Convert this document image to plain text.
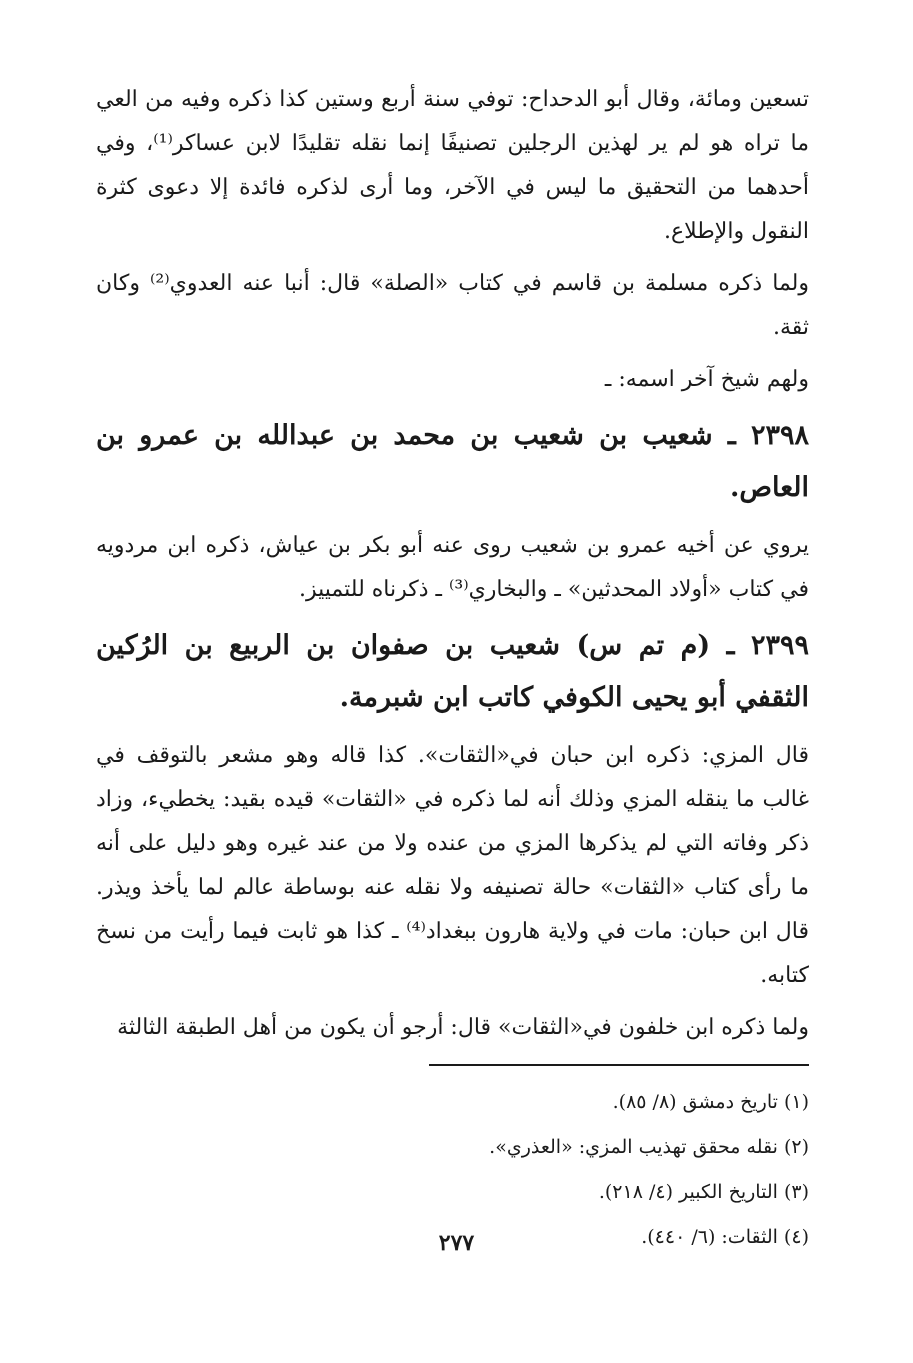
تسعين ومائة، وقال أبو الدحداح: توفي سنة أربع وستين كذا ذكره وفيه من العي ما تراه هو لم ير لهذين الرجلين تصنيفًا إنما نقله تقليدًا لابن عساكر⁽¹⁾، وفي أحدهما من التحقيق ما ليس في الآخر، وما أرى لذكره فائدة إلا دعوى كثرة النقول والإطلاع.

ولما ذكره مسلمة بن قاسم في كتاب «الصلة» قال: أنبا عنه العدوي⁽²⁾ وكان ثقة.

ولهم شيخ آخر اسمه: ـ

٢٣٩٨ ـ شعيب بن شعيب بن محمد بن عبدالله بن عمرو بن العاص.

يروي عن أخيه عمرو بن شعيب روى عنه أبو بكر بن عياش، ذكره ابن مردويه في كتاب «أولاد المحدثين» ـ والبخاري⁽³⁾ ـ ذكرناه للتمييز.

٢٣٩٩ ـ (م تم س) شعيب بن صفوان بن الربيع بن الرُكين الثقفي أبو يحيى الكوفي كاتب ابن شبرمة.

قال المزي: ذكره ابن حبان في«الثقات». كذا قاله وهو مشعر بالتوقف في غالب ما ينقله المزي وذلك أنه لما ذكره في «الثقات» قيده بقيد: يخطيء، وزاد ذكر وفاته التي لم يذكرها المزي من عنده ولا من عند غيره وهو دليل على أنه ما رأى كتاب «الثقات» حالة تصنيفه ولا نقله عنه بوساطة عالم لما يأخذ ويذر. قال ابن حبان: مات في ولاية هارون ببغداد⁽⁴⁾ ـ كذا هو ثابت فيما رأيت من نسخ كتابه.

ولما ذكره ابن خلفون في«الثقات» قال: أرجو أن يكون من أهل الطبقة الثالثة

(١) تاريخ دمشق (٨/ ٨٥).

(٢) نقله محقق تهذيب المزي: «العذري».

(٣) التاريخ الكبير (٤/ ٢١٨).

(٤) الثقات: (٦/ ٤٤٠).

٢٧٧
